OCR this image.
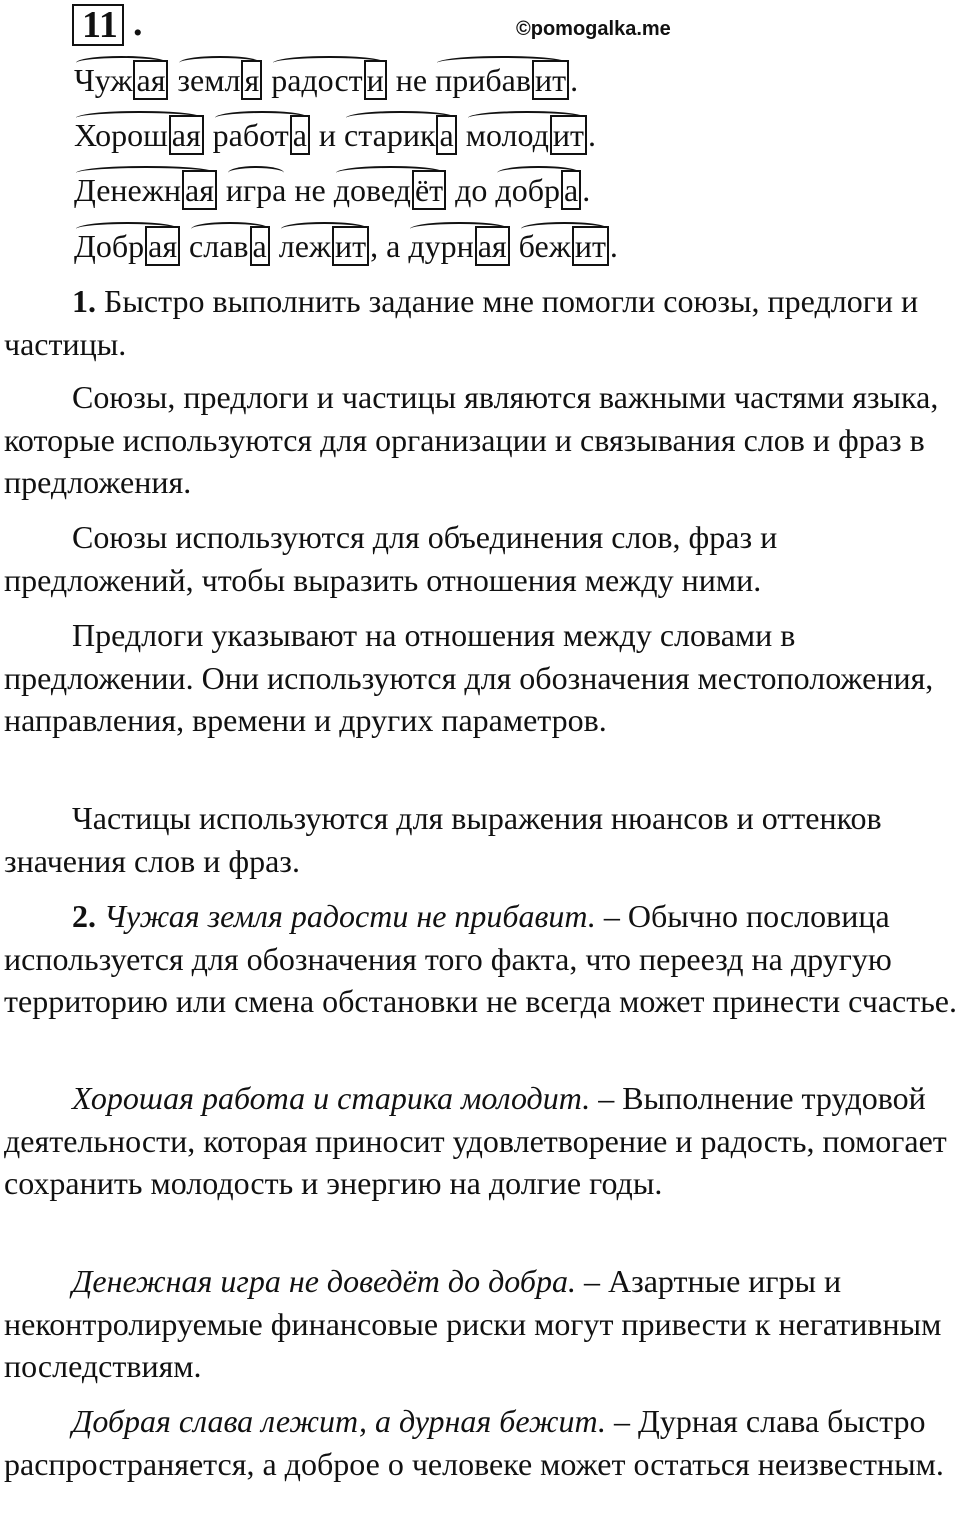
11 .	©pomogalka.me
Чуж ая земл я радост и не прибав ит .
Хорош ая работ а и старик а молод ит .
Денежн ая игра не довед ёт до добр а .
Добр ая слав а леж ит , а дурн ая беж ит .

1. Быстро выполнить задание мне помогли союзы, предлоги и частицы.

Союзы, предлоги и частицы являются важными частями языка, которые используются для организации и связывания слов и фраз в предложения.

Союзы используются для объединения слов, фраз и предложений, чтобы выразить отношения между ними.

Предлоги указывают на отношения между словами в предложении. Они используются для обозначения местоположения, направления, времени и других параметров.

Частицы используются для выражения нюансов и оттенков значения слов и фраз.

2. Чужая земля радости не прибавит. – Обычно пословица используется для обозначения того факта, что переезд на другую территорию или смена обстановки не всегда может принести счастье.

Хорошая работа и старика молодит. – Выполнение трудовой деятельности, которая приносит удовлетворение и радость, помогает сохранить молодость и энергию на долгие годы.

Денежная игра не доведёт до добра. – Азартные игры и неконтролируемые финансовые риски могут привести к негативным последствиям.

Добрая слава лежит, а дурная бежит. – Дурная слава быстро распространяется, а доброе о человеке может остаться неизвестным.
